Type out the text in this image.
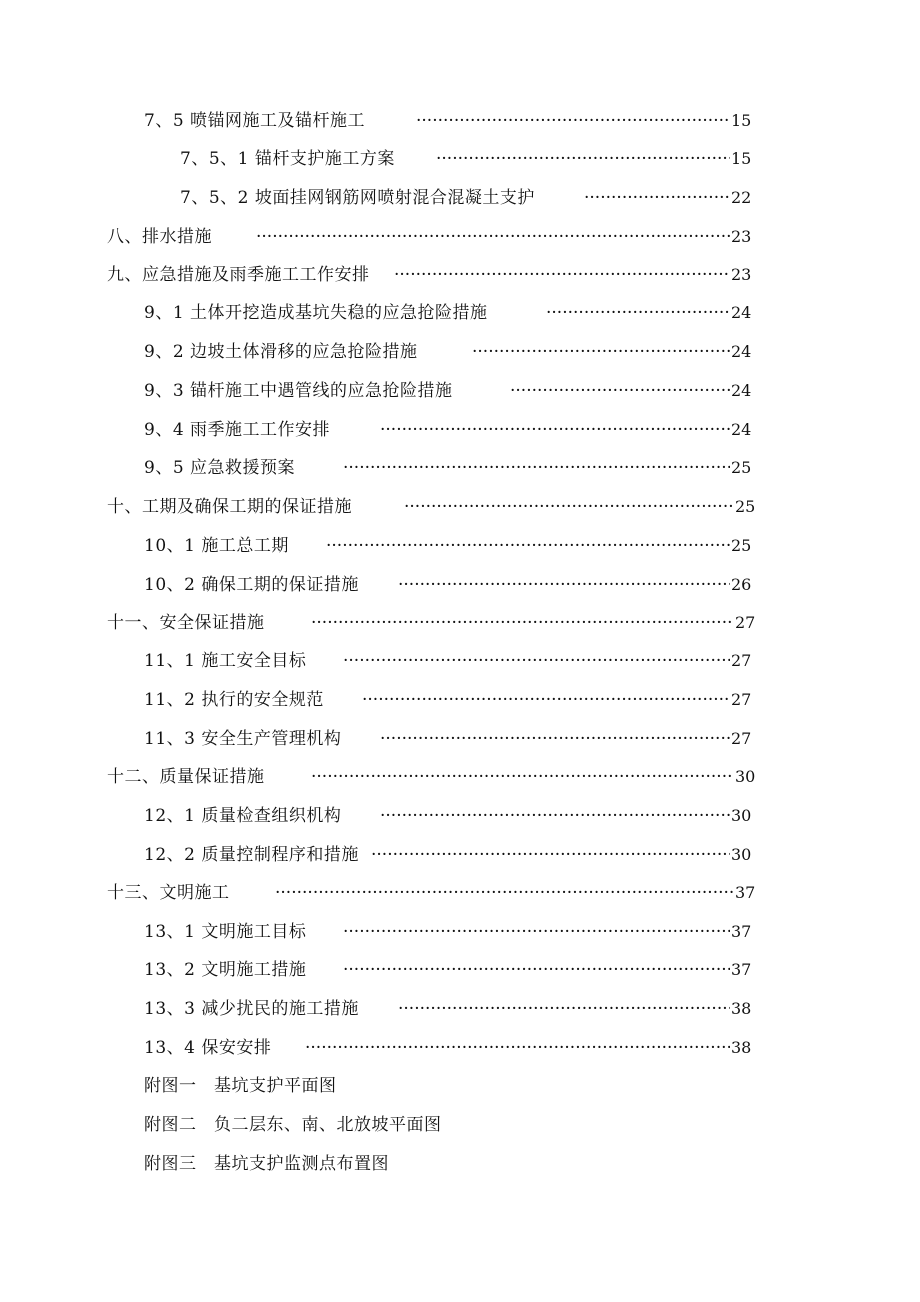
7、5 喷锚网施工及锚杆施工 ·····	15
7、5、1 锚杆支护施工方案 ·····	15
7、5、2 坡面挂网钢筋网喷射混合混凝土支护 ·····	22
八、排水措施 ·····	23
九、应急措施及雨季施工工作安排 ·····	23
9、1 土体开挖造成基坑失稳的应急抢险措施 ·····	24
9、2 边坡土体滑移的应急抢险措施 ·····	24
9、3 锚杆施工中遇管线的应急抢险措施 ·····	24
9、4 雨季施工工作安排 ·····	24
9、5 应急救援预案 ·····	25
十、工期及确保工期的保证措施 ·····	25
10、1 施工总工期 ·····	25
10、2 确保工期的保证措施 ·····	26
十一、安全保证措施 ·····	27
11、1 施工安全目标 ·····	27
11、2 执行的安全规范 ·····	27
11、3 安全生产管理机构 ·····	27
十二、质量保证措施 ·····	30
12、1 质量检查组织机构 ·····	30
12、2 质量控制程序和措施 ·····	30
十三、文明施工 ·····	37
13、1 文明施工目标 ·····	37
13、2 文明施工措施 ·····	37
13、3 减少扰民的施工措施 ·····	38
13、4 保安安排 ·····	38
附图一　基坑支护平面图
附图二　负二层东、南、北放坡平面图
附图三　基坑支护监测点布置图
